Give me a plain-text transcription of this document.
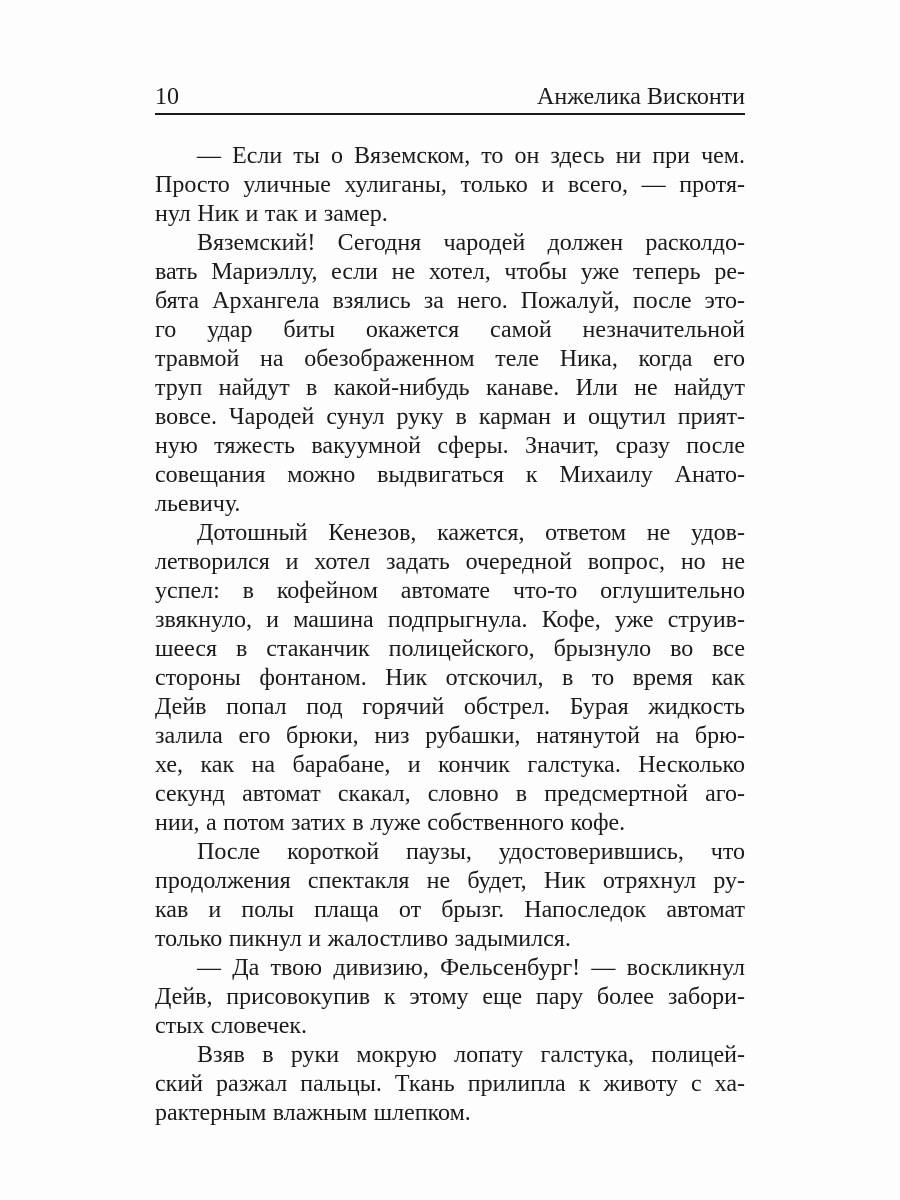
10	Анжелика Висконти
— Если ты о Вяземском, то он здесь ни при чем.
Просто уличные хулиганы, только и всего, — протя-
нул Ник и так и замер.
Вяземский! Сегодня чародей должен расколдо-
вать Мариэллу, если не хотел, чтобы уже теперь ре-
бята Архангела взялись за него. Пожалуй, после это-
го удар биты окажется самой незначительной
травмой на обезображенном теле Ника, когда его
труп найдут в какой-нибудь канаве. Или не найдут
вовсе. Чародей сунул руку в карман и ощутил прият-
ную тяжесть вакуумной сферы. Значит, сразу после
совещания можно выдвигаться к Михаилу Анато-
льевичу.
Дотошный Кенезов, кажется, ответом не удов-
летворился и хотел задать очередной вопрос, но не
успел: в кофейном автомате что-то оглушительно
звякнуло, и машина подпрыгнула. Кофе, уже струив-
шееся в стаканчик полицейского, брызнуло во все
стороны фонтаном. Ник отскочил, в то время как
Дейв попал под горячий обстрел. Бурая жидкость
залила его брюки, низ рубашки, натянутой на брю-
хе, как на барабане, и кончик галстука. Несколько
секунд автомат скакал, словно в предсмертной аго-
нии, а потом затих в луже собственного кофе.
После короткой паузы, удостоверившись, что
продолжения спектакля не будет, Ник отряхнул ру-
кав и полы плаща от брызг. Напоследок автомат
только пикнул и жалостливо задымился.
— Да твою дивизию, Фельсенбург! — воскликнул
Дейв, присовокупив к этому еще пару более забори-
стых словечек.
Взяв в руки мокрую лопату галстука, полицей-
ский разжал пальцы. Ткань прилипла к животу с ха-
рактерным влажным шлепком.
